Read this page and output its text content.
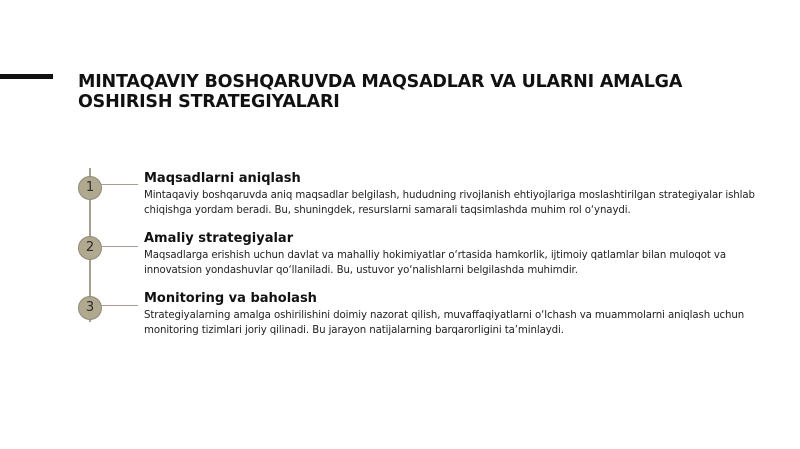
MINTAQAVIY BOSHQARUVDA MAQSADLAR VA ULARNI AMALGA
OSHIRISH STRATEGIYALARI
1
Maqsadlarni aniqlash

Mintaqaviy boshqaruvda aniq maqsadlar belgilash, hududning rivojlanish ehtiyojlariga moslashtirilgan strategiyalar ishlab chiqishga yordam beradi. Bu, shuningdek, resurslarni samarali taqsimlashda muhim rol o‘ynaydi.

2
Amaliy strategiyalar

Maqsadlarga erishish uchun davlat va mahalliy hokimiyatlar o‘rtasida hamkorlik, ijtimoiy qatlamlar bilan muloqot va innovatsion yondashuvlar qo‘llaniladi. Bu, ustuvor yo‘nalishlarni belgilashda muhimdir.

3
Monitoring va baholash

Strategiyalarning amalga oshirilishini doimiy nazorat qilish, muvaffaqiyatlarni o‘lchash va muammolarni aniqlash uchun monitoring tizimlari joriy qilinadi. Bu jarayon natijalarning barqarorligini ta’minlaydi.
